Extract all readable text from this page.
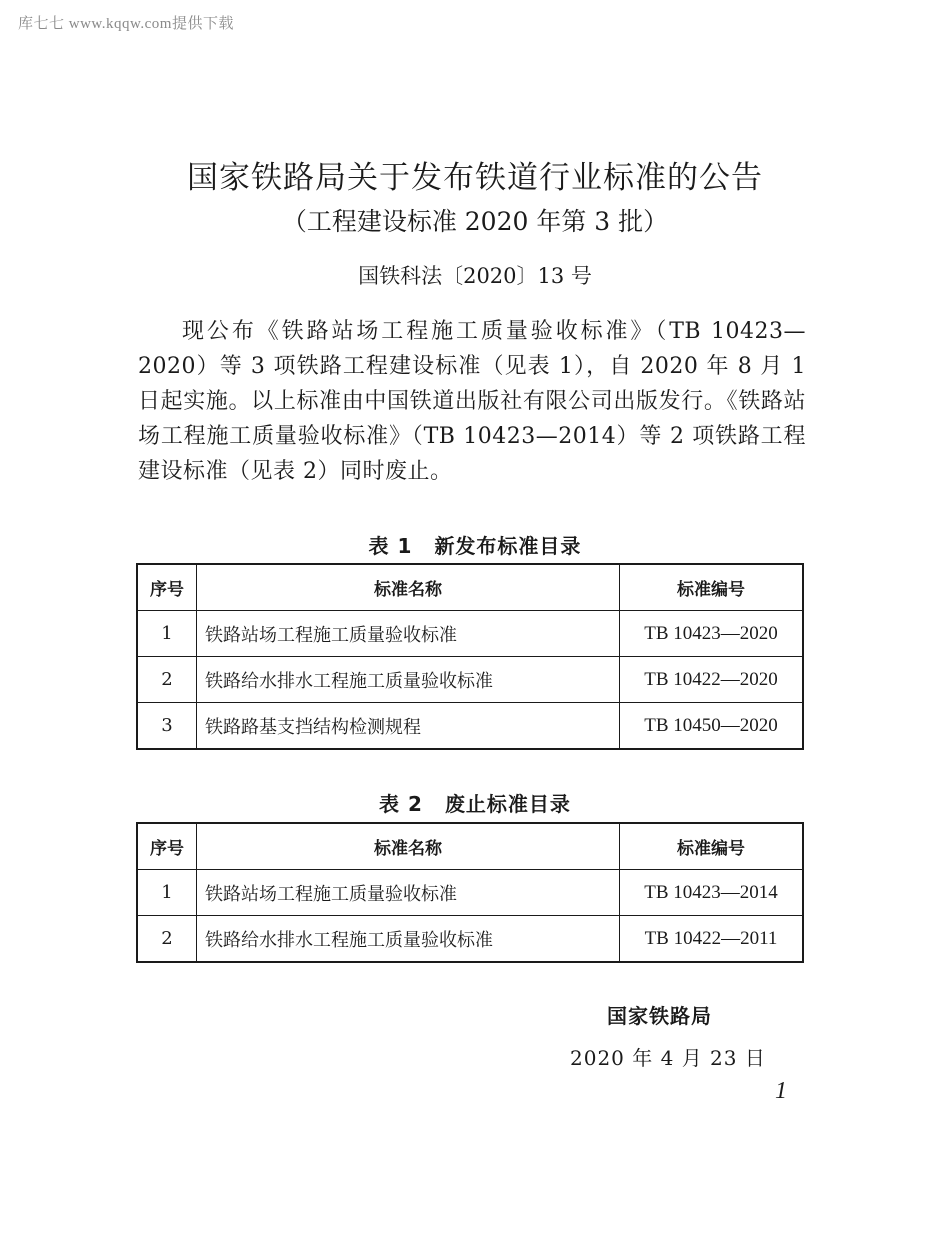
库七七 www.kqqw.com提供下载
国家铁路局关于发布铁道行业标准的公告
（工程建设标准 2020 年第 3 批）
国铁科法〔2020〕13 号

现公布《铁路站场工程施工质量验收标准》（TB 10423—2020）等 3 项铁路工程建设标准（见表 1），自 2020 年 8 月 1 日起实施。以上标准由中国铁道出版社有限公司出版发行。《铁路站场工程施工质量验收标准》（TB 10423—2014）等 2 项铁路工程建设标准（见表 2）同时废止。

表 1 新发布标准目录
序号	标准名称	标准编号
1	铁路站场工程施工质量验收标准	TB 10423—2020
2	铁路给水排水工程施工质量验收标准	TB 10422—2020
3	铁路路基支挡结构检测规程	TB 10450—2020
表 2 废止标准目录
序号	标准名称	标准编号
1	铁路站场工程施工质量验收标准	TB 10423—2014
2	铁路给水排水工程施工质量验收标准	TB 10422—2011
国家铁路局
2020 年 4 月 23 日
1
